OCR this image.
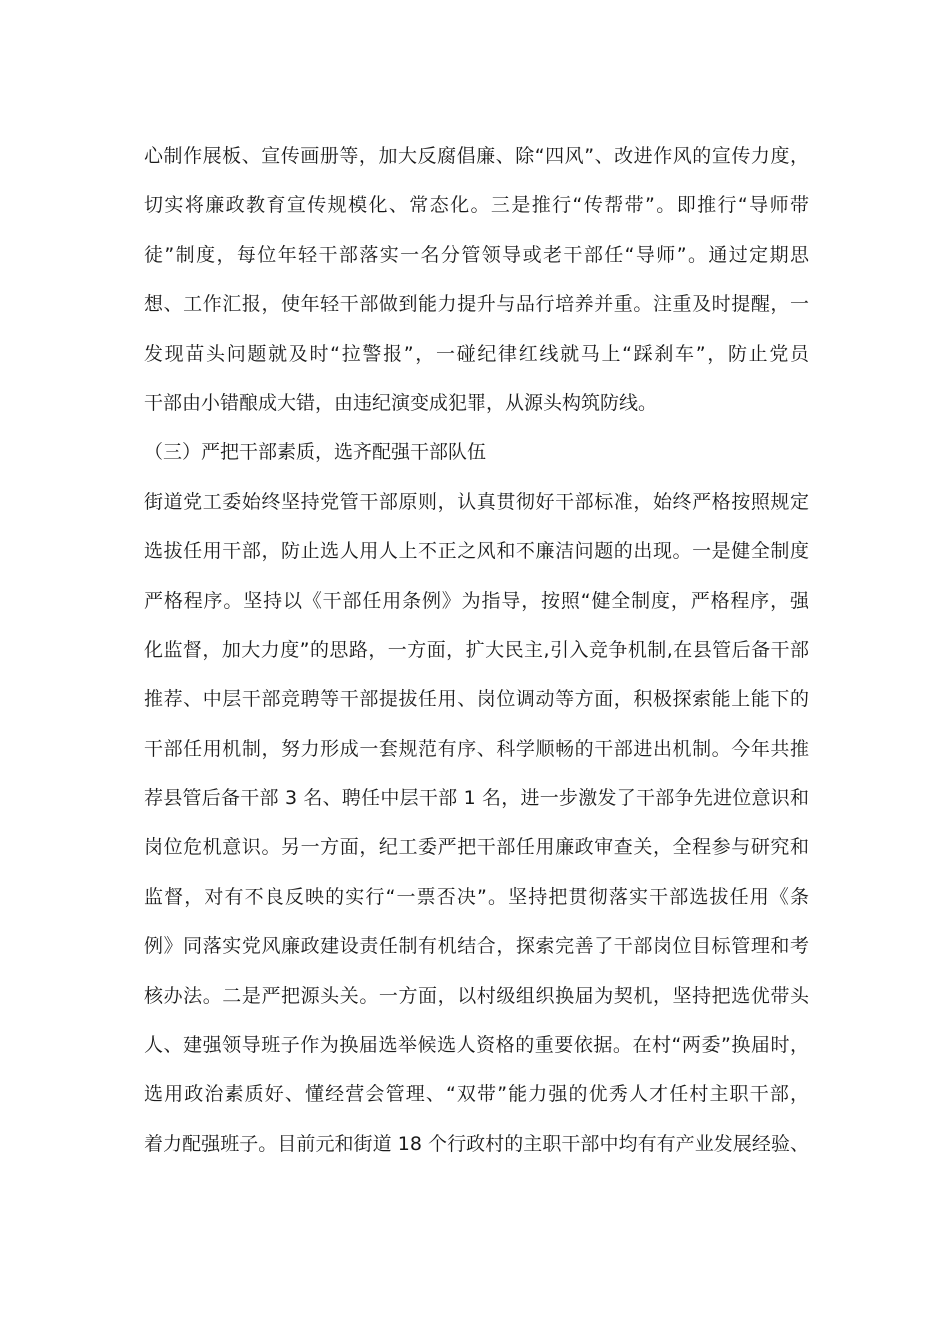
心制作展板、宣传画册等，加大反腐倡廉、除“四风”、改进作风的宣传力度，
切实将廉政教育宣传规模化、常态化。三是推行“传帮带”。即推行“导师带
徒”制度，每位年轻干部落实一名分管领导或老干部任“导师”。通过定期思
想、工作汇报，使年轻干部做到能力提升与品行培养并重。注重及时提醒，一
发现苗头问题就及时“拉警报”，一碰纪律红线就马上“踩刹车”，防止党员
干部由小错酿成大错，由违纪演变成犯罪，从源头构筑防线。
（三）严把干部素质，选齐配强干部队伍
街道党工委始终坚持党管干部原则，认真贯彻好干部标准，始终严格按照规定
选拔任用干部，防止选人用人上不正之风和不廉洁问题的出现。一是健全制度
严格程序。坚持以《干部任用条例》为指导，按照“健全制度，严格程序，强
化监督，加大力度”的思路，一方面，扩大民主,引入竞争机制,在县管后备干部
推荐、中层干部竞聘等干部提拔任用、岗位调动等方面，积极探索能上能下的
干部任用机制，努力形成一套规范有序、科学顺畅的干部进出机制。今年共推
荐县管后备干部 3 名、聘任中层干部 1 名，进一步激发了干部争先进位意识和
岗位危机意识。另一方面，纪工委严把干部任用廉政审查关，全程参与研究和
监督，对有不良反映的实行“一票否决”。坚持把贯彻落实干部选拔任用《条
例》同落实党风廉政建设责任制有机结合，探索完善了干部岗位目标管理和考
核办法。二是严把源头关。一方面，以村级组织换届为契机，坚持把选优带头
人、建强领导班子作为换届选举候选人资格的重要依据。在村“两委”换届时，
选用政治素质好、懂经营会管理、“双带”能力强的优秀人才任村主职干部，
着力配强班子。目前元和街道 18 个行政村的主职干部中均有有产业发展经验、
